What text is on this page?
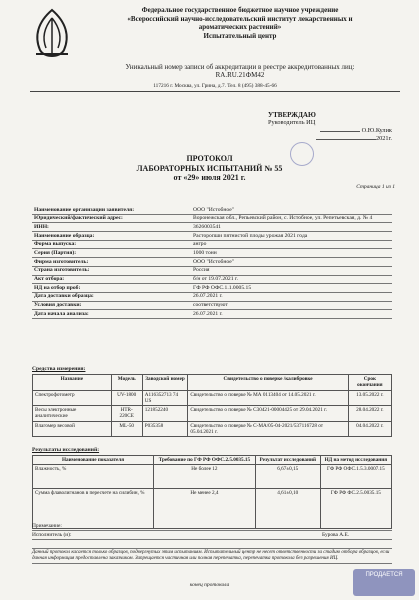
Федеральное государственное бюджетное научное учреждение
«Всероссийский научно-исследовательский институт лекарственных и
ароматических растений»
Испытательный центр
Уникальный номер записи об аккредитации в реестре аккредитованных лиц:
RA.RU.21ФМ42
117216 г. Москва, ул. Грина, д.7. Тел. 8 (495) 388-45-66
УТВЕРЖДАЮ
Руководитель ИЦ
О.Ю.Кулик
2021г.
ПРОТОКОЛ
ЛАБОРАТОРНЫХ ИСПЫТАНИЙ № 55
от «29» июля 2021 г.
Страница 1 из 1
Наименование организации заявителя:	ООО "Истобное"
Юридический/фактический адрес:	Воронежская обл., Репьевский район, с. Истобное, ул. Репетьевская, д. № 4
ИНН:	3626003541
Наименование образца:	Расторопши пятнистой плоды урожая 2021 года
Форма выпуска:	ангро
Серия (Партия):	1000 тонн
Фирма изготовитель:	ООО "Истобное"
Страна изготовитель:	Россия
Акт отбора:	б/н от 19.07.2021 г.
НД на отбор проб:	ГФ РФ ОФС.1.1.0005.15
Дата доставки образца:	26.07.2021 г.
Условия доставки:	соответствуют
Дата начала анализа:	26.07.2021 г.
Средства измерения:
Название	Модель	Заводской номер	Свидетельство о поверке /калибровке	Срок окончания
Спектрофотометр	UV-1800	A116352713 74 US	Свидетельство о поверке № МА 0113404 от 14.05.2021 г.	13.05.2022 г.
Весы электронные аналитические	HTR-220CE	121852240	Свидетельство о поверке № С30421-00004425 от 29.04.2021 г.	28.04.2022 г.
Влагомер весовой	ML-50	P035358	Свидетельство о поверке № С-МА/05-04-2021/537116728 от 05.04.2021 г.	04.04.2022 г.
Результаты исследований:
Наименование показателя	Требование по ГФ РФ ОФС.2.5.0035.15	Результат исследований	НД на метод исследования
Влажность, %	Не более 12	6,67±0,15	ГФ РФ ОФС.1.5.3.0007.15
Сумма флаволигнанов в пересчете на силибин, %	Не менее 2,4	4,61±0,10	ГФ РФ ФС.2.5.0035.15
Примечание:
Исполнитель (и):	Бурова А.Е.
Данный протокол касается только образцов, подвергнутых этим испытаниям. Испытательный центр не несет ответственности за стадию отбора образцов, если данная информация предоставлена заказчиком. Запрещается частичная или полная перепечатка, перепечатка протокола без разрешения ИЦ.
конец протокола
ПРОДАЕТСЯ
